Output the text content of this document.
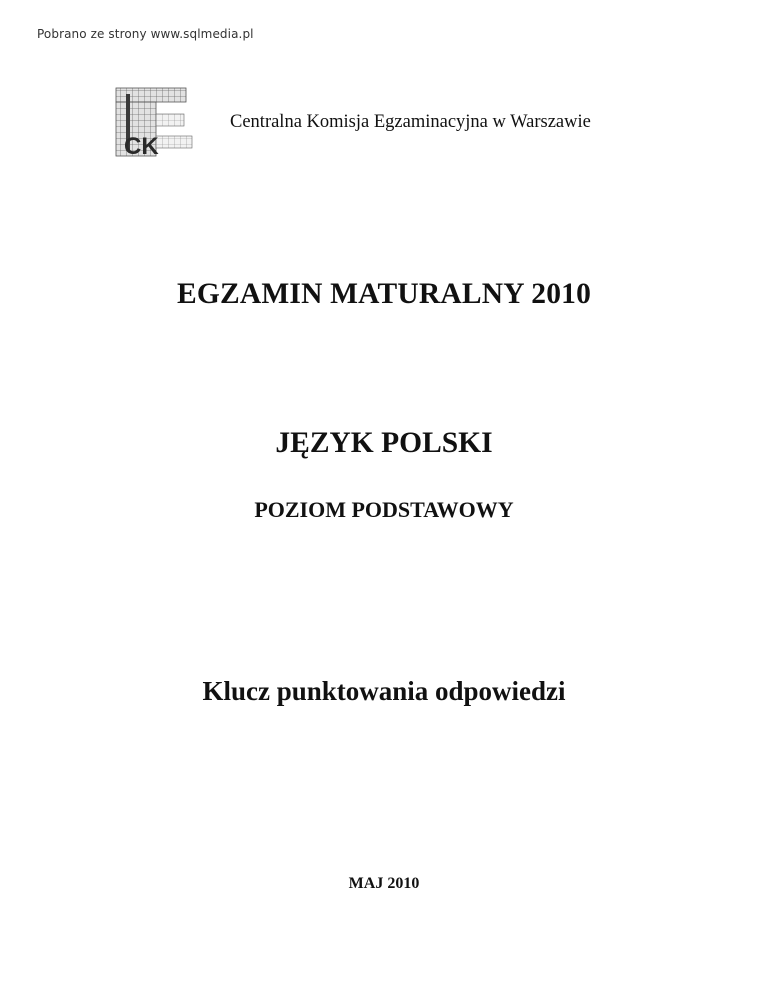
Pobrano ze strony www.sqlmedia.pl
CK
Centralna Komisja Egzaminacyjna w Warszawie
EGZAMIN MATURALNY 2010
JĘZYK POLSKI
POZIOM PODSTAWOWY
Klucz punktowania odpowiedzi
MAJ 2010
